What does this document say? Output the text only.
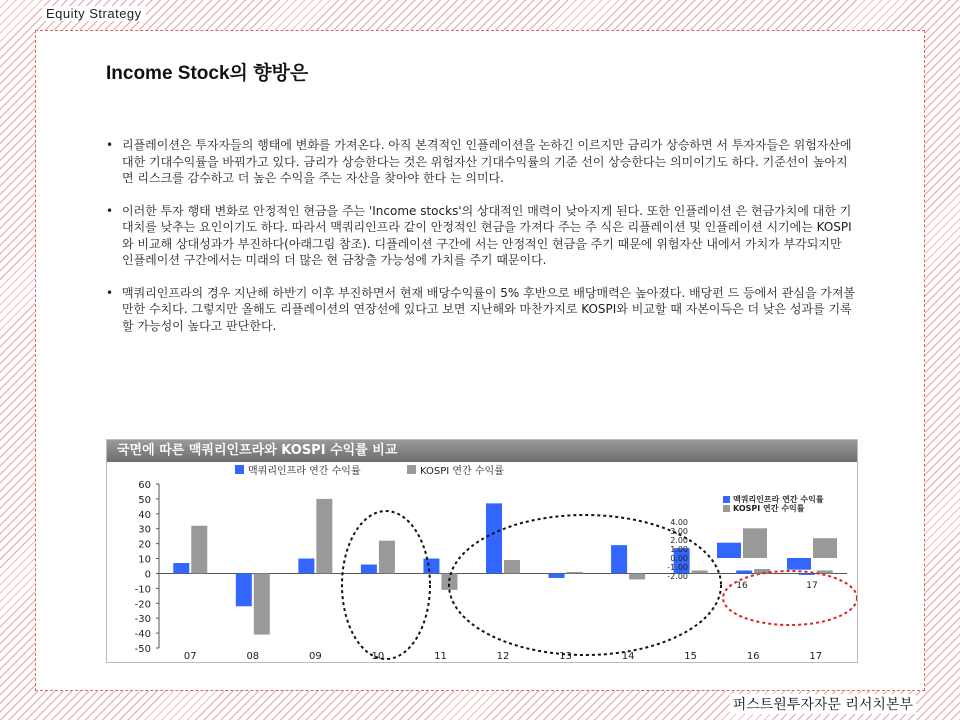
Equity Strategy
Income Stock의 향방은
• 리플레이션은 투자자들의 행태에 변화를 가져온다. 아직 본격적인 인플레이션을 논하긴 이르지만 금리가 상승하면 서 투자자들은 위험자산에 대한 기대수익률을 바꿔가고 있다. 금리가 상승한다는 것은 위험자산 기대수익률의 기준 선이 상승한다는 의미이기도 하다. 기준선이 높아지면 리스크를 감수하고 더 높은 수익을 주는 자산을 찾아야 한다 는 의미다.
• 이러한 투자 행태 변화로 안정적인 현금을 주는 'Income stocks'의 상대적인 매력이 낮아지게 된다. 또한 인플레이션 은 현금가치에 대한 기대치를 낮추는 요인이기도 하다. 따라서 맥쿼리인프라 같이 안정적인 현금을 가져다 주는 주 식은 리플레이션 및 인플레이션 시기에는 KOSPI와 비교해 상대성과가 부진하다(아래그림 참조). 디플레이션 구간에 서는 안정적인 현금을 주기 때문에 위험자산 내에서 가치가 부각되지만 인플레이션 구간에서는 미래의 더 많은 현 금창출 가능성에 가치를 주기 때문이다.
• 맥쿼리인프라의 경우 지난해 하반기 이후 부진하면서 현재 배당수익률이 5% 후반으로 배당매력은 높아졌다. 배당펀 드 등에서 관심을 가져볼 만한 수치다. 그렇지만 올해도 리플레이션의 연장선에 있다고 보면 지난해와 마찬가지로 KOSPI와 비교할 때 자본이득은 더 낮은 성과를 기록할 가능성이 높다고 판단한다.
국면에 따른 맥쿼리인프라와 KOSPI 수익률 비교
60
50
40
30
20
10
0
-10
-20
-30
-40
-50
07	08	09	10	11	12	13	14	15	16	17
맥쿼리인프라 연간 수익률	KOSPI 연간 수익률
4.00
3.00
2.00
1.00
0.00
-1.00
-2.00
16	17
맥쿼리인프라 연간 수익률
KOSPI 연간 수익률
퍼스트원투자자문 리서치본부
